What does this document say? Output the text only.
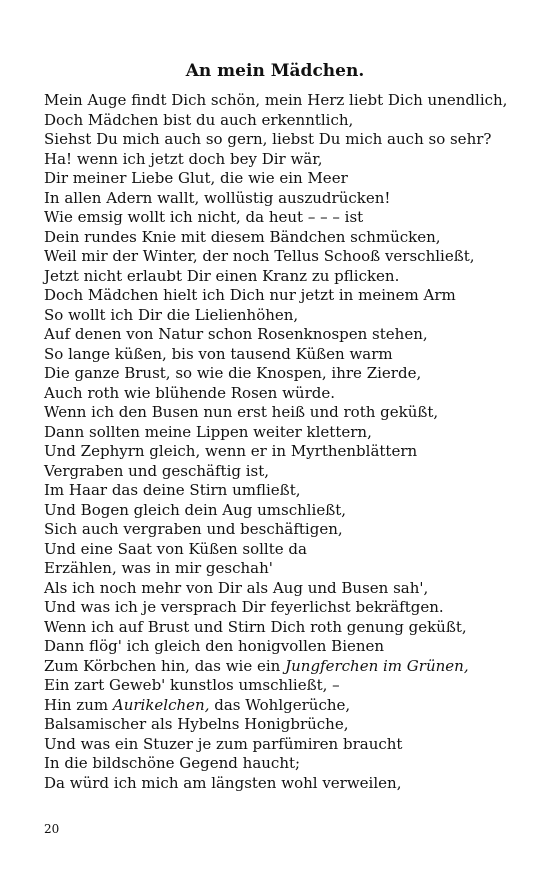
An mein Mädchen.
Mein Auge findt Dich schön, mein Herz liebt Dich unendlich,
Doch Mädchen bist du auch erkenntlich,
Siehst Du mich auch so gern, liebst Du mich auch so sehr?
Ha! wenn ich jetzt doch bey Dir wär,
Dir meiner Liebe Glut, die wie ein Meer
In allen Adern wallt, wollüstig auszudrücken!
Wie emsig wollt ich nicht, da heut – – – ist
Dein rundes Knie mit diesem Bändchen schmücken,
Weil mir der Winter, der noch Tellus Schooß verschließt,
Jetzt nicht erlaubt Dir einen Kranz zu pflicken.
Doch Mädchen hielt ich Dich nur jetzt in meinem Arm
So wollt ich Dir die Lielienhöhen,
Auf denen von Natur schon Rosenknospen stehen,
So lange küßen, bis von tausend Küßen warm
Die ganze Brust, so wie die Knospen, ihre Zierde,
Auch roth wie blühende Rosen würde.
Wenn ich den Busen nun erst heiß und roth geküßt,
Dann sollten meine Lippen weiter klettern,
Und Zephyrn gleich, wenn er in Myrthenblättern
Vergraben und geschäftig ist,
Im Haar das deine Stirn umfließt,
Und Bogen gleich dein Aug umschließt,
Sich auch vergraben und beschäftigen,
Und eine Saat von Küßen sollte da
Erzählen, was in mir geschah'
Als ich noch mehr von Dir als Aug und Busen sah',
Und was ich je versprach Dir feyerlichst bekräftgen.
Wenn ich auf Brust und Stirn Dich roth genung geküßt,
Dann flög' ich gleich den honigvollen Bienen
Zum Körbchen hin, das wie ein Jungferchen im Grünen,
Ein zart Geweb' kunstlos umschließt, –
Hin zum Aurikelchen, das Wohlgerüche,
Balsamischer als Hybelns Honigbrüche,
Und was ein Stuzer je zum parfümiren braucht
In die bildschöne Gegend haucht;
Da würd ich mich am längsten wohl verweilen,
20
